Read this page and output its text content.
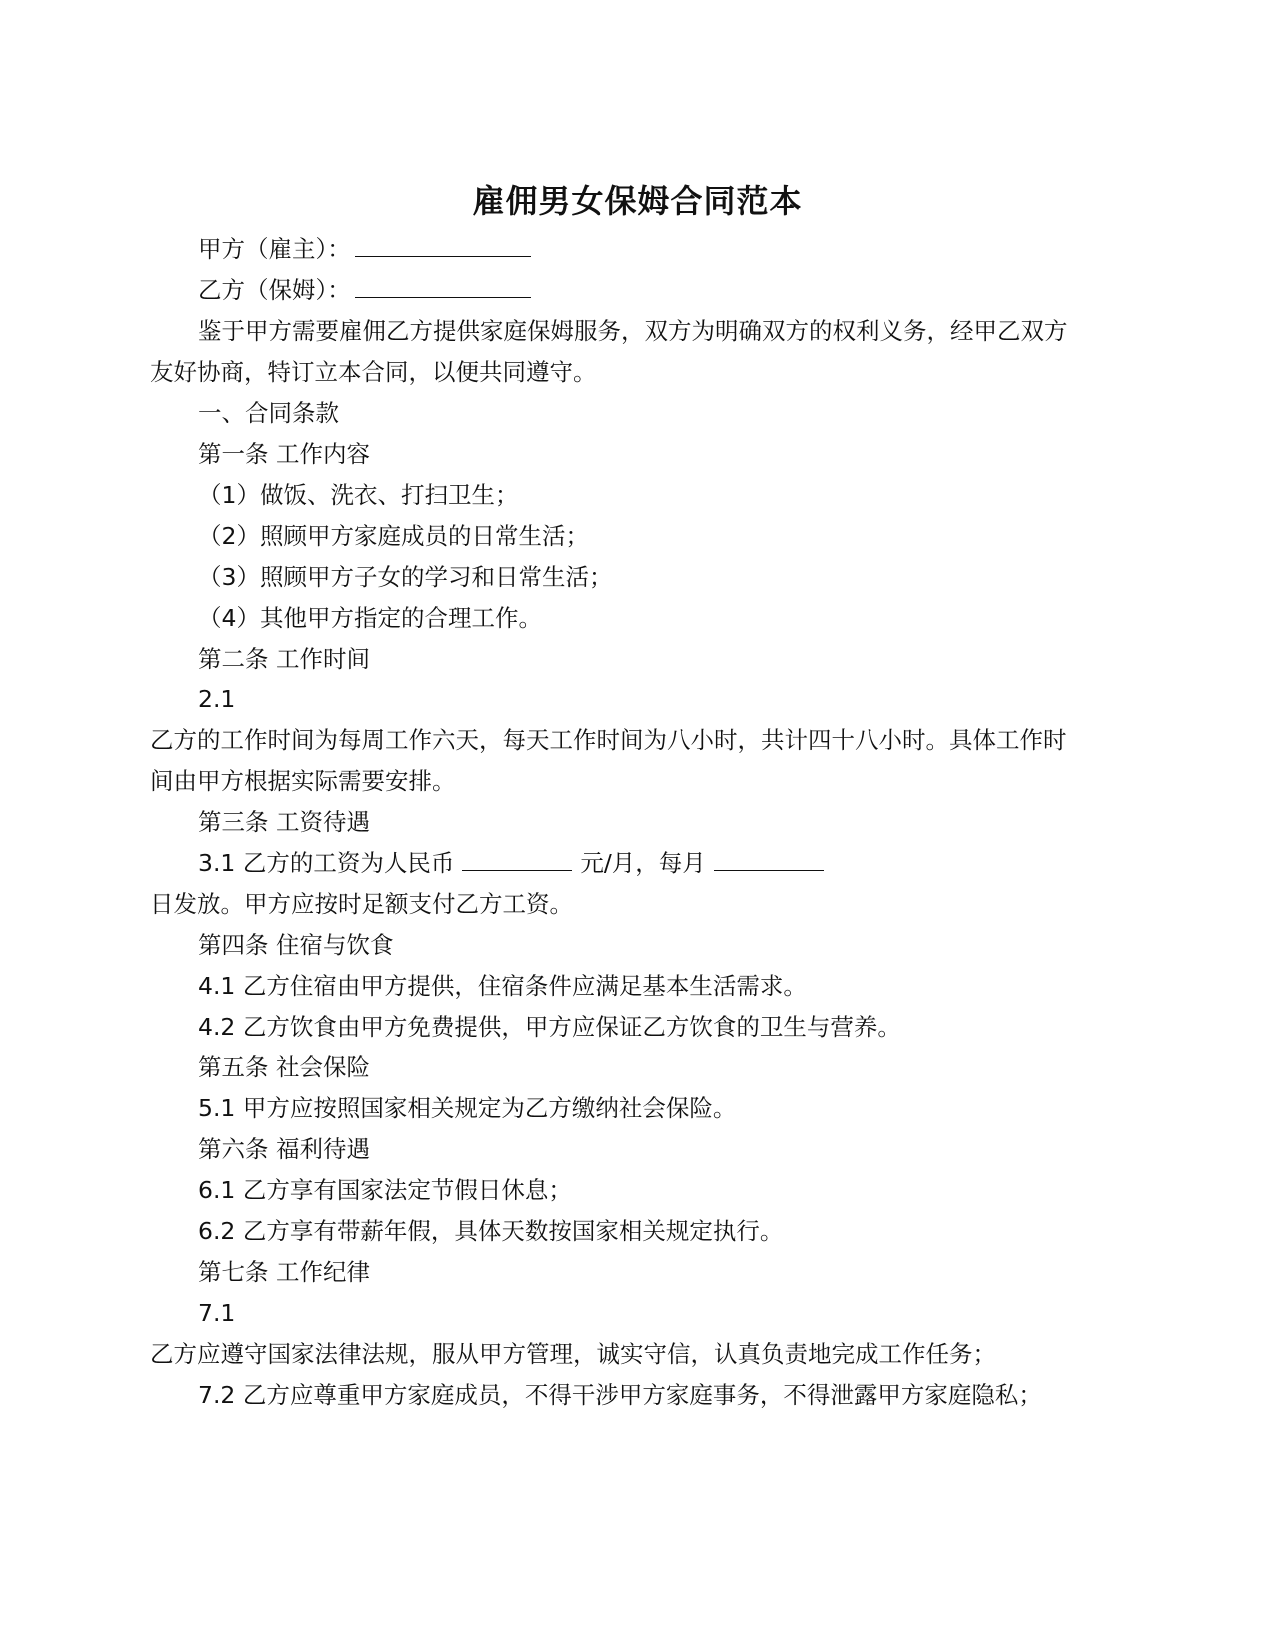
雇佣男女保姆合同范本
甲方（雇主）：
乙方（保姆）：
鉴于甲方需要雇佣乙方提供家庭保姆服务，双方为明确双方的权利义务，经甲乙双方
友好协商，特订立本合同，以便共同遵守。
一、合同条款
第一条 工作内容
（1）做饭、洗衣、打扫卫生；
（2）照顾甲方家庭成员的日常生活；
（3）照顾甲方子女的学习和日常生活；
（4）其他甲方指定的合理工作。
第二条 工作时间
2.1
乙方的工作时间为每周工作六天，每天工作时间为八小时，共计四十八小时。具体工作时
间由甲方根据实际需要安排。
第三条 工资待遇
3.1 乙方的工资为人民币	元/月，每月
日发放。甲方应按时足额支付乙方工资。
第四条 住宿与饮食
4.1 乙方住宿由甲方提供，住宿条件应满足基本生活需求。
4.2 乙方饮食由甲方免费提供，甲方应保证乙方饮食的卫生与营养。
第五条 社会保险
5.1 甲方应按照国家相关规定为乙方缴纳社会保险。
第六条 福利待遇
6.1 乙方享有国家法定节假日休息；
6.2 乙方享有带薪年假，具体天数按国家相关规定执行。
第七条 工作纪律
7.1
乙方应遵守国家法律法规，服从甲方管理，诚实守信，认真负责地完成工作任务；
7.2 乙方应尊重甲方家庭成员，不得干涉甲方家庭事务，不得泄露甲方家庭隐私；
